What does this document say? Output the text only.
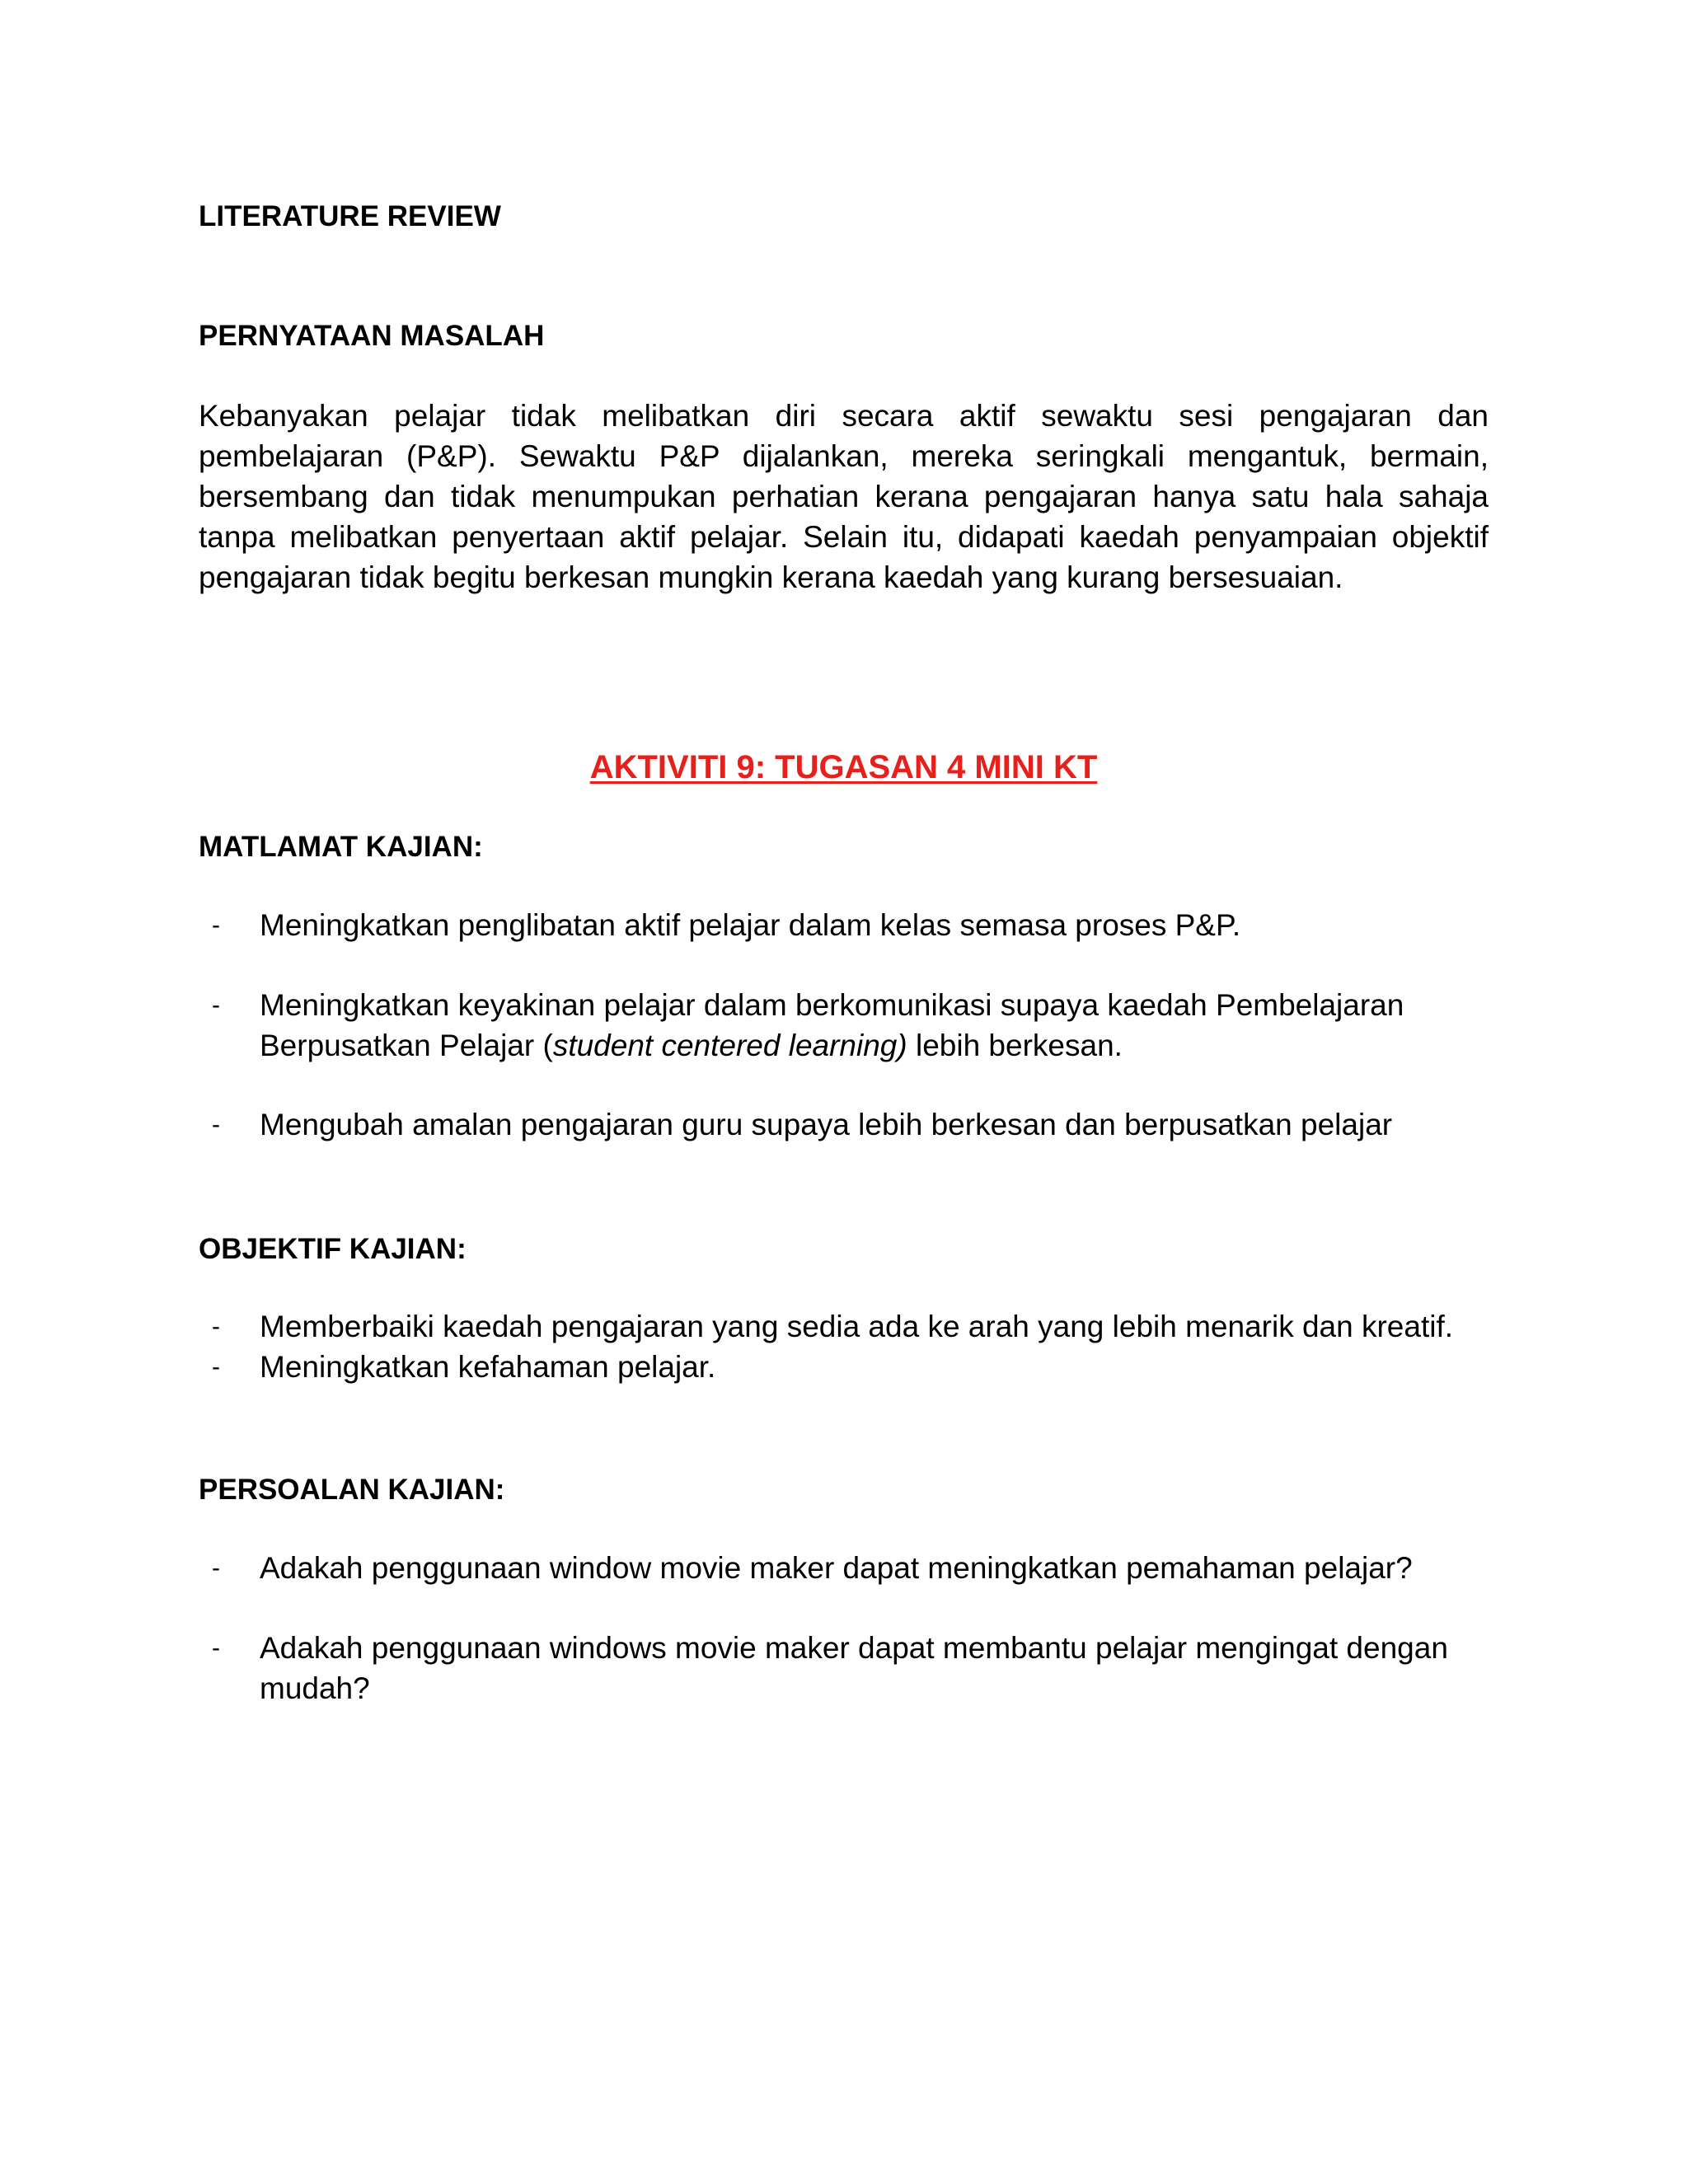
LITERATURE REVIEW
PERNYATAAN MASALAH
Kebanyakan pelajar tidak melibatkan diri secara aktif sewaktu sesi pengajaran dan pembelajaran (P&P). Sewaktu P&P dijalankan, mereka seringkali mengantuk, bermain, bersembang dan tidak menumpukan perhatian kerana pengajaran hanya satu hala sahaja tanpa melibatkan penyertaan aktif pelajar. Selain itu, didapati kaedah penyampaian objektif pengajaran tidak begitu berkesan mungkin kerana kaedah yang kurang bersesuaian.
AKTIVITI 9: TUGASAN 4 MINI KT
MATLAMAT KAJIAN:
- Meningkatkan penglibatan aktif pelajar dalam kelas semasa proses P&P.
- Meningkatkan keyakinan pelajar dalam berkomunikasi supaya kaedah Pembelajaran Berpusatkan Pelajar (student centered learning) lebih berkesan.
- Mengubah amalan pengajaran guru supaya lebih berkesan dan berpusatkan pelajar
OBJEKTIF KAJIAN:
- Memberbaiki kaedah pengajaran yang sedia ada ke arah yang lebih menarik dan kreatif.
- Meningkatkan kefahaman pelajar.
PERSOALAN KAJIAN:
- Adakah penggunaan window movie maker dapat meningkatkan pemahaman pelajar?
- Adakah penggunaan windows movie maker dapat membantu pelajar mengingat dengan mudah?
